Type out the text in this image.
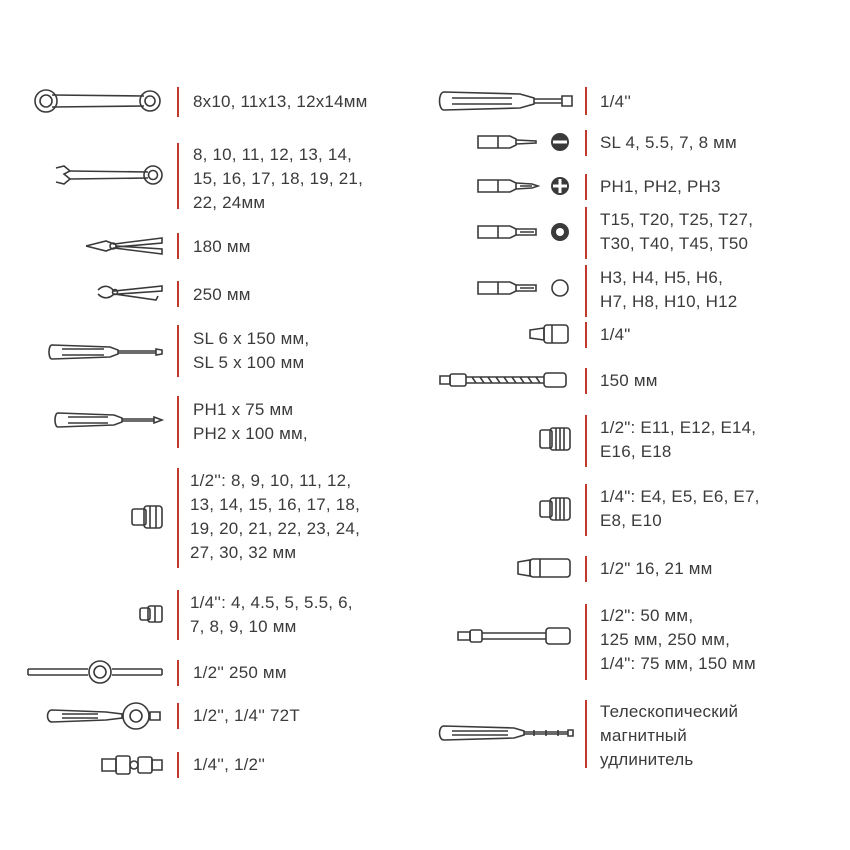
8x10, 11x13, 12x14мм
8, 10, 11, 12, 13, 14,
15, 16, 17, 18, 19, 21,
22, 24мм
180 мм
250 мм
SL 6 x 150 мм,
SL 5 x 100 мм
PH1 x 75 мм
PH2 x 100 мм,
1/2'': 8, 9, 10, 11, 12,
13, 14, 15, 16, 17, 18,
19, 20, 21, 22, 23, 24,
27, 30, 32 мм
1/4'': 4, 4.5, 5, 5.5, 6,
7, 8, 9, 10 мм
1/2'' 250 мм
1/2'', 1/4'' 72T
1/4'', 1/2''
1/4''
SL 4, 5.5, 7, 8 мм
PH1, PH2, PH3
T15, T20, T25, T27,
T30, T40, T45, T50
H3, H4, H5, H6,
H7, H8, H10, H12
1/4"
150 мм
1/2": E11, E12, E14,
E16, E18
1/4": E4, E5, E6, E7,
E8, E10
1/2" 16, 21 мм
1/2": 50 мм,
125 мм, 250 мм,
1/4": 75 мм, 150 мм
Телескопический
магнитный
удлинитель
